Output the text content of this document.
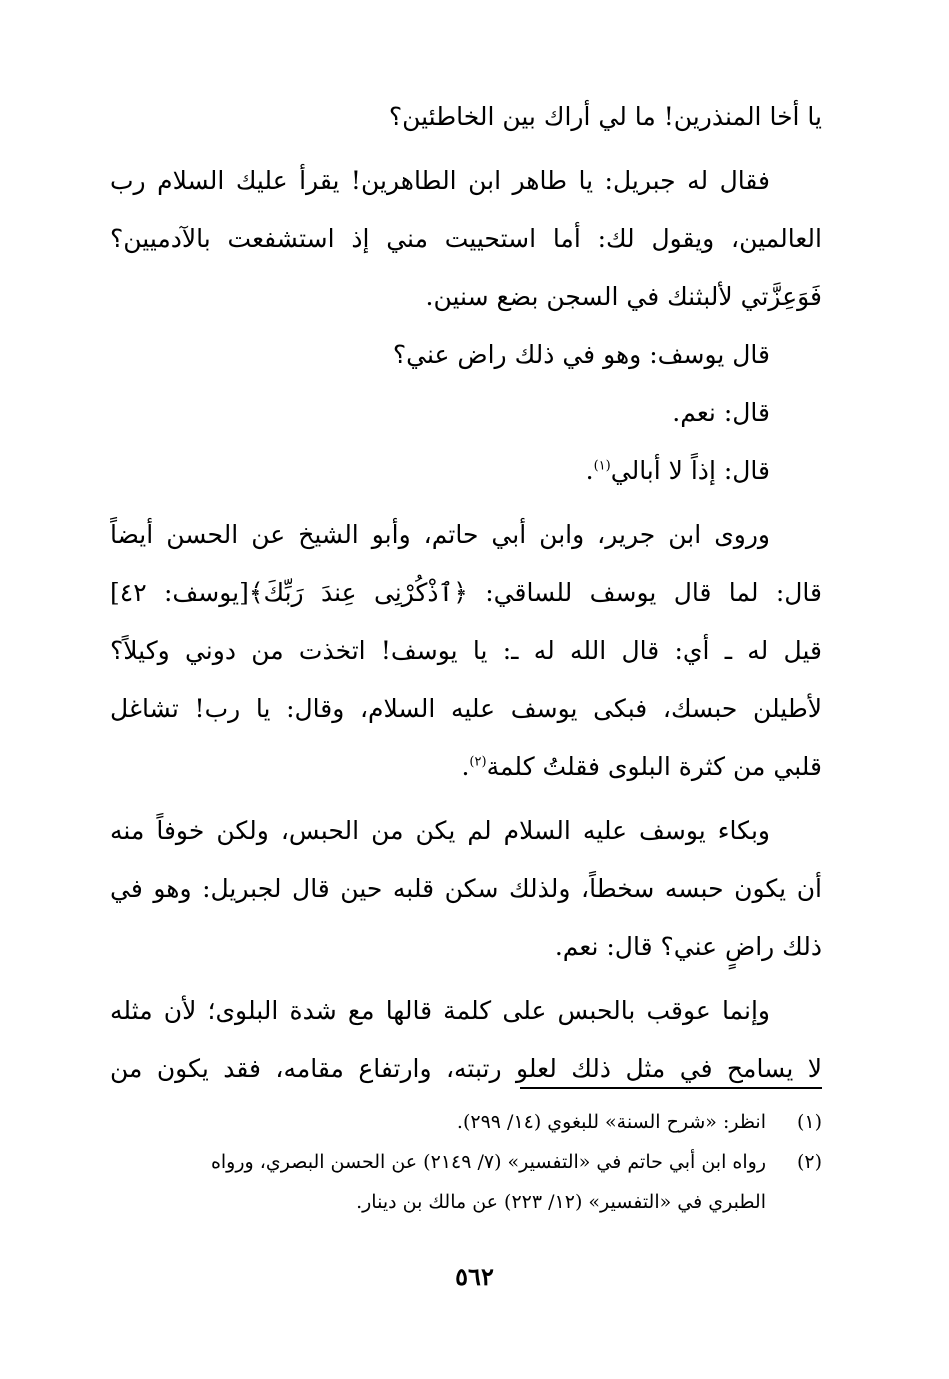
يا أخا المنذرين! ما لي أراك بين الخاطئين؟
فقال له جبريل: يا طاهر ابن الطاهرين! يقرأ عليك السلام رب
العالمين، ويقول لك: أما استحييت مني إذ استشفعت بالآدميين؟
فَوَعِزَّتي لألبثنك في السجن بضع سنين.
قال يوسف: وهو في ذلك راض عني؟
قال: نعم.
قال: إذاً لا أبالي$^{(١)}$.
وروى ابن جرير، وابن أبي حاتم، وأبو الشيخ عن الحسن أيضاً
قال: لما قال يوسف للساقي: ﴿ٱذْكُرْنِى عِندَ رَبِّكَ﴾[يوسف: ٤٢]
قيل له ـ أي: قال الله له ـ: يا يوسف! اتخذت من دوني وكيلاً؟
لأطيلن حبسك، فبكى يوسف عليه السلام، وقال: يا رب! تشاغل
قلبي من كثرة البلوى فقلتُ كلمة$^{(٢)}$.
وبكاء يوسف عليه السلام لم يكن من الحبس، ولكن خوفاً منه
أن يكون حبسه سخطاً، ولذلك سكن قلبه حين قال لجبريل: وهو في
ذلك راضٍ عني؟ قال: نعم.
وإنما عوقب بالحبس على كلمة قالها مع شدة البلوى؛ لأن مثله
لا يسامح في مثل ذلك لعلو رتبته، وارتفاع مقامه، فقد يكون من
(١)انظر: «شرح السنة» للبغوي (١٤/ ٢٩٩).
(٢)رواه ابن أبي حاتم في «التفسير» (٧/ ٢١٤٩) عن الحسن البصري، ورواه
الطبري في «التفسير» (١٢/ ٢٢٣) عن مالك بن دينار.
٥٦٢
